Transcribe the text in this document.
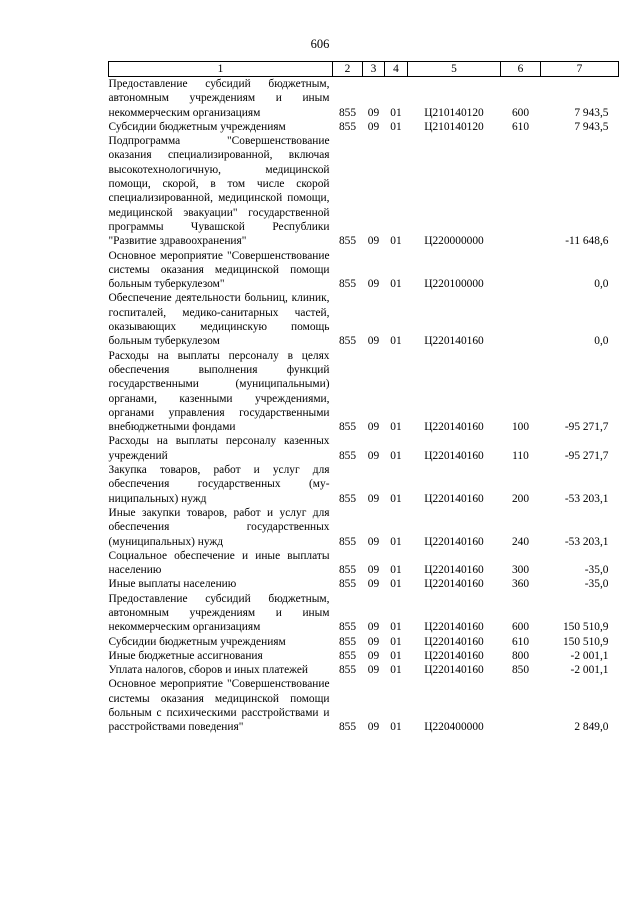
606
1	2	3	4	5	6	7
Предоставление субсидий бюджетным, автономным учреждениям и иным некоммерческим организациям	855	09	01	Ц210140120	600	7 943,5
Субсидии бюджетным учреждениям	855	09	01	Ц210140120	610	7 943,5
Подпрограмма "Совершенствование оказания специализированной, включая высокотехнологичную, медицинской помощи, скорой, в том числе скорой специализированной, медицинской помощи, медицинской эвакуации" государственной программы Чувашской Республики "Развитие здравоохранения"	855	09	01	Ц220000000		-11 648,6
Основное мероприятие "Совершенствование системы оказания медицинской помощи больным туберкулезом"	855	09	01	Ц220100000		0,0
Обеспечение деятельности больниц, клиник, госпиталей, медико-санитарных частей, оказывающих медицинскую помощь больным туберкулезом	855	09	01	Ц220140160		0,0
Расходы на выплаты персоналу в целях обеспечения выполнения функций государственными (муниципальными) органами, казенными учреждениями, органами управления государственными внебюджетными фондами	855	09	01	Ц220140160	100	-95 271,7
Расходы на выплаты персоналу казенных учреждений	855	09	01	Ц220140160	110	-95 271,7
Закупка товаров, работ и услуг для обеспечения государственных (муниципальных) нужд	855	09	01	Ц220140160	200	-53 203,1
Иные закупки товаров, работ и услуг для обеспечения государственных (муниципальных) нужд	855	09	01	Ц220140160	240	-53 203,1
Социальное обеспечение и иные выплаты населению	855	09	01	Ц220140160	300	-35,0
Иные выплаты населению	855	09	01	Ц220140160	360	-35,0
Предоставление субсидий бюджетным, автономным учреждениям и иным некоммерческим организациям	855	09	01	Ц220140160	600	150 510,9
Субсидии бюджетным учреждениям	855	09	01	Ц220140160	610	150 510,9
Иные бюджетные ассигнования	855	09	01	Ц220140160	800	-2 001,1
Уплата налогов, сборов и иных платежей	855	09	01	Ц220140160	850	-2 001,1
Основное мероприятие "Совершенствование системы оказания медицинской помощи больным с психическими расстройствами и расстройствами поведения"	855	09	01	Ц220400000		2 849,0
